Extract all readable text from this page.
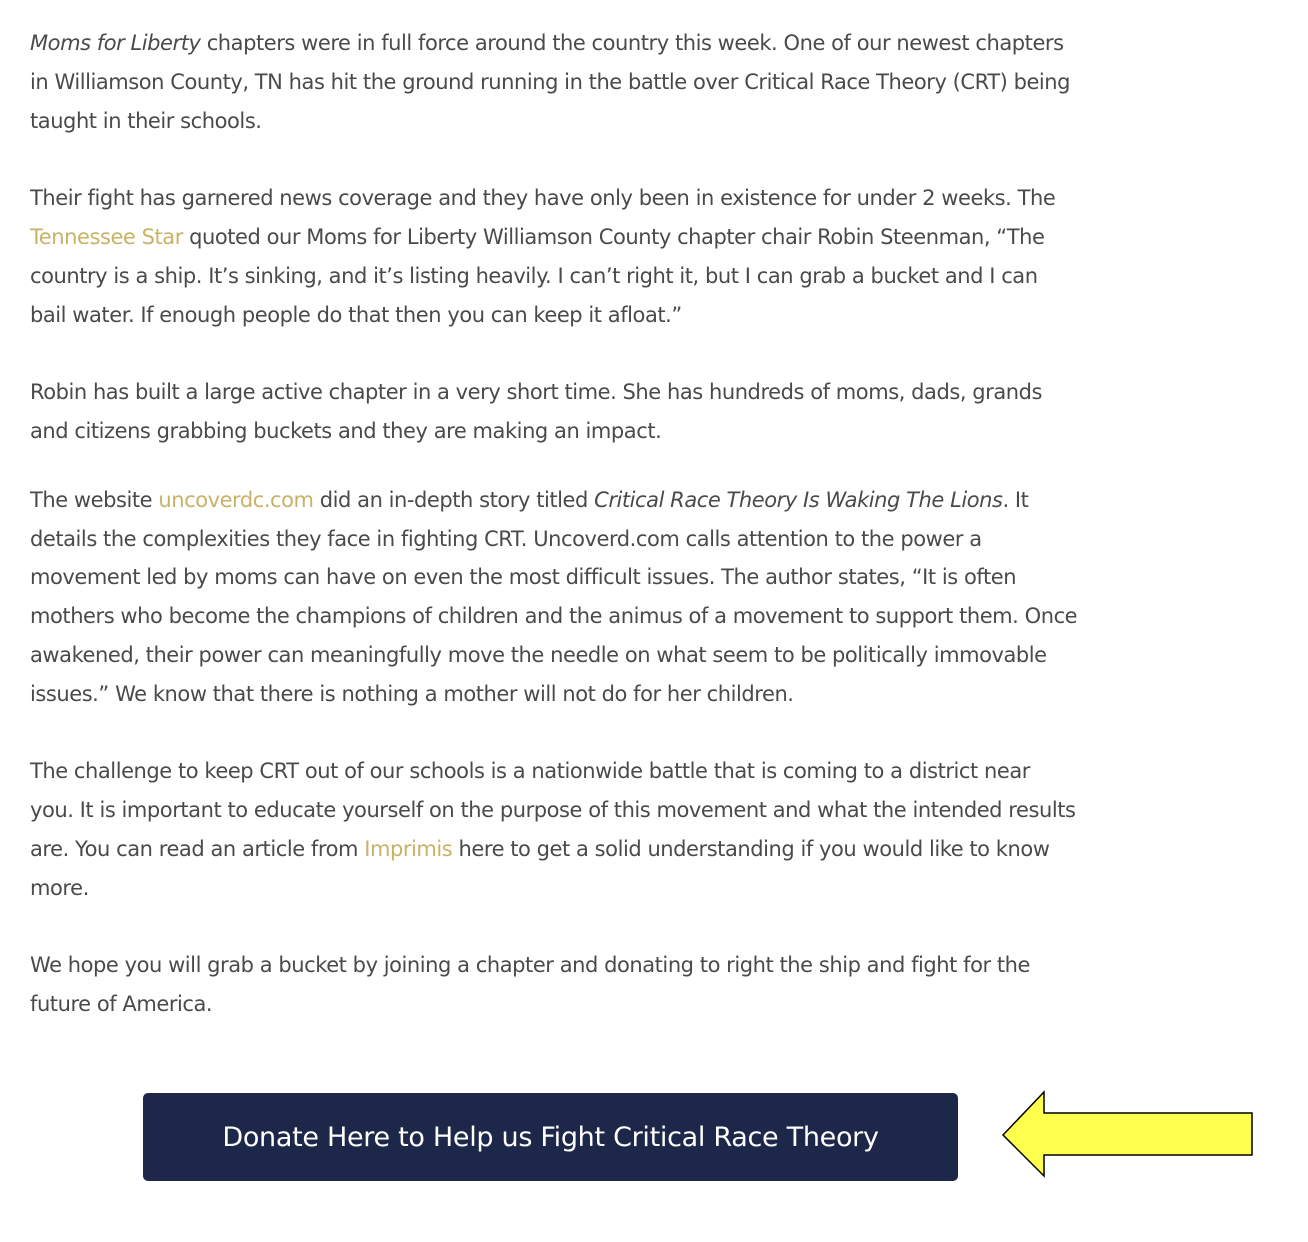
Moms for Liberty chapters were in full force around the country this week. One of our newest chapters in Williamson County, TN has hit the ground running in the battle over Critical Race Theory (CRT) being taught in their schools.

Their fight has garnered news coverage and they have only been in existence for under 2 weeks. The Tennessee Star quoted our Moms for Liberty Williamson County chapter chair Robin Steenman, “The country is a ship. It’s sinking, and it’s listing heavily. I can’t right it, but I can grab a bucket and I can bail water. If enough people do that then you can keep it afloat.”

Robin has built a large active chapter in a very short time. She has hundreds of moms, dads, grands and citizens grabbing buckets and they are making an impact.

The website uncoverdc.com did an in-depth story titled Critical Race Theory Is Waking The Lions. It details the complexities they face in fighting CRT. Uncoverd.com calls attention to the power a movement led by moms can have on even the most difficult issues. The author states, “It is often mothers who become the champions of children and the animus of a movement to support them. Once awakened, their power can meaningfully move the needle on what seem to be politically immovable issues.” We know that there is nothing a mother will not do for her children.

The challenge to keep CRT out of our schools is a nationwide battle that is coming to a district near you. It is important to educate yourself on the purpose of this movement and what the intended results are. You can read an article from Imprimis here to get a solid understanding if you would like to know more.

We hope you will grab a bucket by joining a chapter and donating to right the ship and fight for the future of America.

Donate Here to Help us Fight Critical Race Theory
